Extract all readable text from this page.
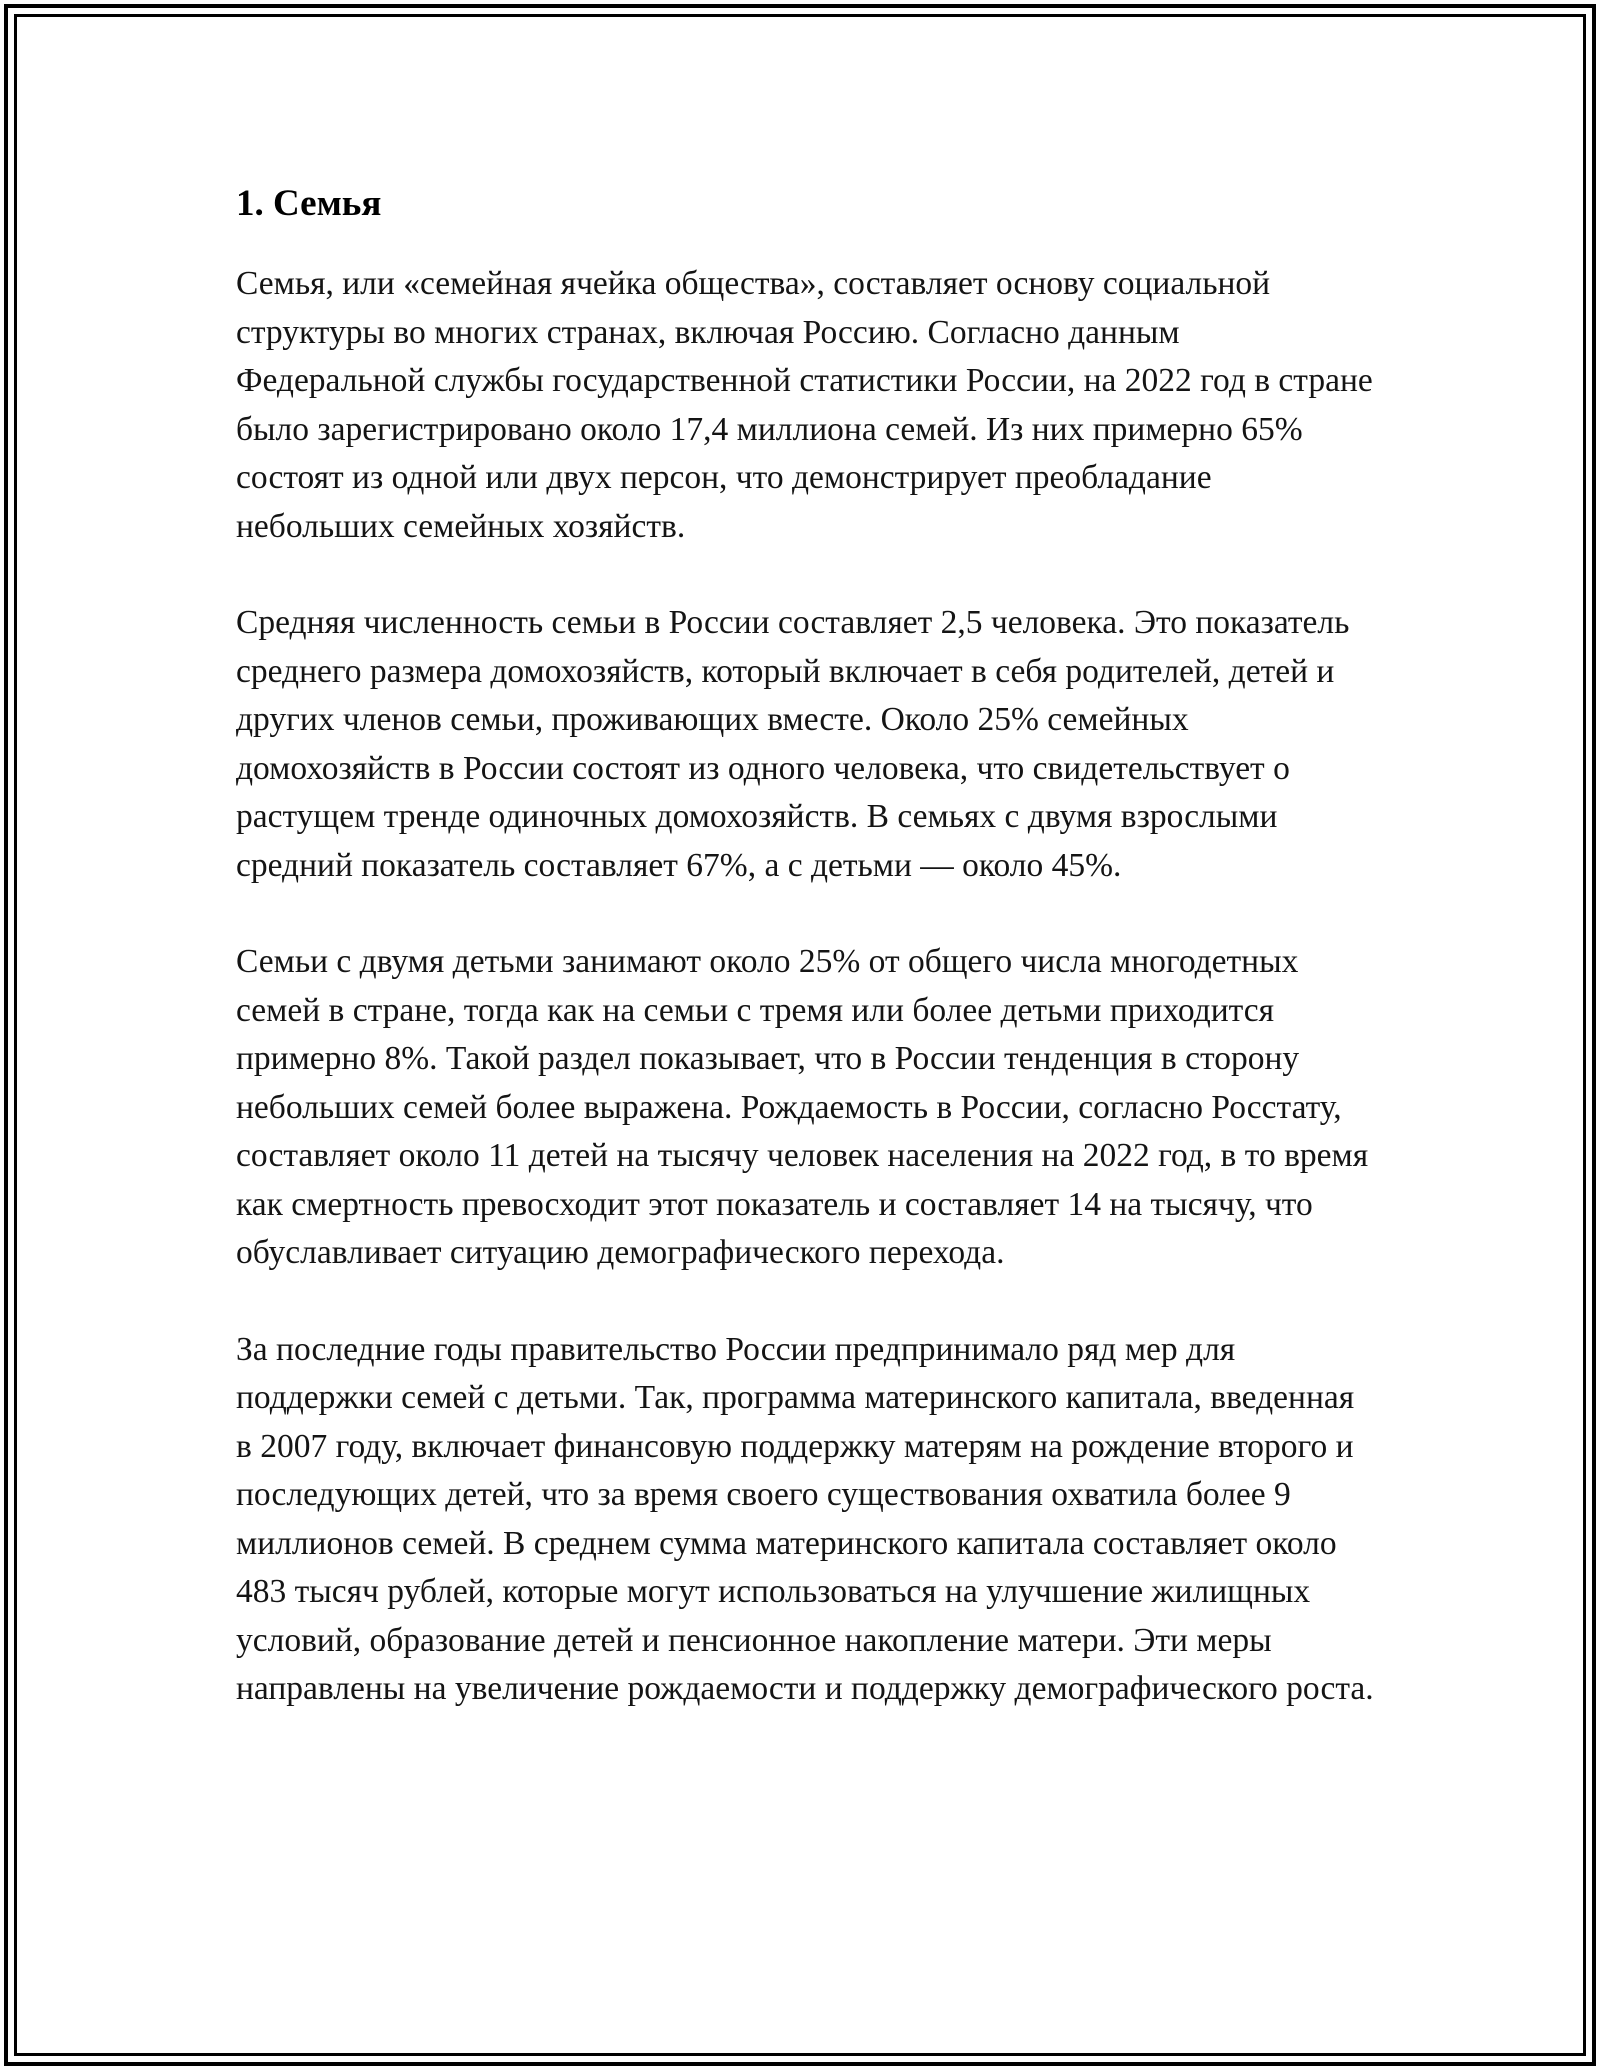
1. Семья

Семья, или «семейная ячейка общества», составляет основу социальной структуры во многих странах, включая Россию. Согласно данным Федеральной службы государственной статистики России, на 2022 год в стране было зарегистрировано около 17,4 миллиона семей. Из них примерно 65% состоят из одной или двух персон, что демонстрирует преобладание небольших семейных хозяйств.

Средняя численность семьи в России составляет 2,5 человека. Это показатель среднего размера домохозяйств, который включает в себя родителей, детей и других членов семьи, проживающих вместе. Около 25% семейных домохозяйств в России состоят из одного человека, что свидетельствует о растущем тренде одиночных домохозяйств. В семьях с двумя взрослыми средний показатель составляет 67%, а с детьми — около 45%.

Семьи с двумя детьми занимают около 25% от общего числа многодетных семей в стране, тогда как на семьи с тремя или более детьми приходится примерно 8%. Такой раздел показывает, что в России тенденция в сторону небольших семей более выражена. Рождаемость в России, согласно Росстату, составляет около 11 детей на тысячу человек населения на 2022 год, в то время как смертность превосходит этот показатель и составляет 14 на тысячу, что обуславливает ситуацию демографического перехода.

За последние годы правительство России предпринимало ряд мер для поддержки семей с детьми. Так, программа материнского капитала, введенная в 2007 году, включает финансовую поддержку матерям на рождение второго и последующих детей, что за время своего существования охватила более 9 миллионов семей. В среднем сумма материнского капитала составляет около 483 тысяч рублей, которые могут использоваться на улучшение жилищных условий, образование детей и пенсионное накопление матери. Эти меры направлены на увеличение рождаемости и поддержку демографического роста.
